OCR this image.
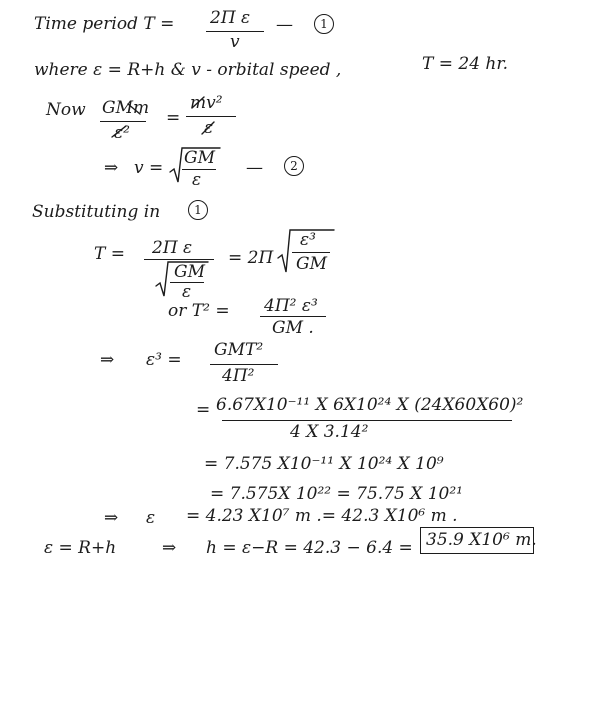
Time period T = 2Π ε
v
—	1
where ε = R+h & v - orbital speed ,	T = 24 hr.
Now GMm
ε²
=
mv²
ε
⇒ v = GM
ε
—	2
Substituting in	1
T = 2Π ε
GM
ε
= 2Π
ε³
GM
or T² = 4Π² ε³
GM .
⇒ ε³ = GMT²
4Π²
= 6.67X10⁻¹¹ X 6X10²⁴ X (24X60X60)²
4 X 3.14²
= 7.575 X10⁻¹¹ X 10²⁴ X 10⁹
= 7.575X 10²² = 75.75 X 10²¹
⇒ ε = 4.23 X10⁷ m .= 42.3 X10⁶ m .
ε = R+h	⇒ h = ε−R = 42.3 − 6.4 = 35.9 X10⁶ m.
